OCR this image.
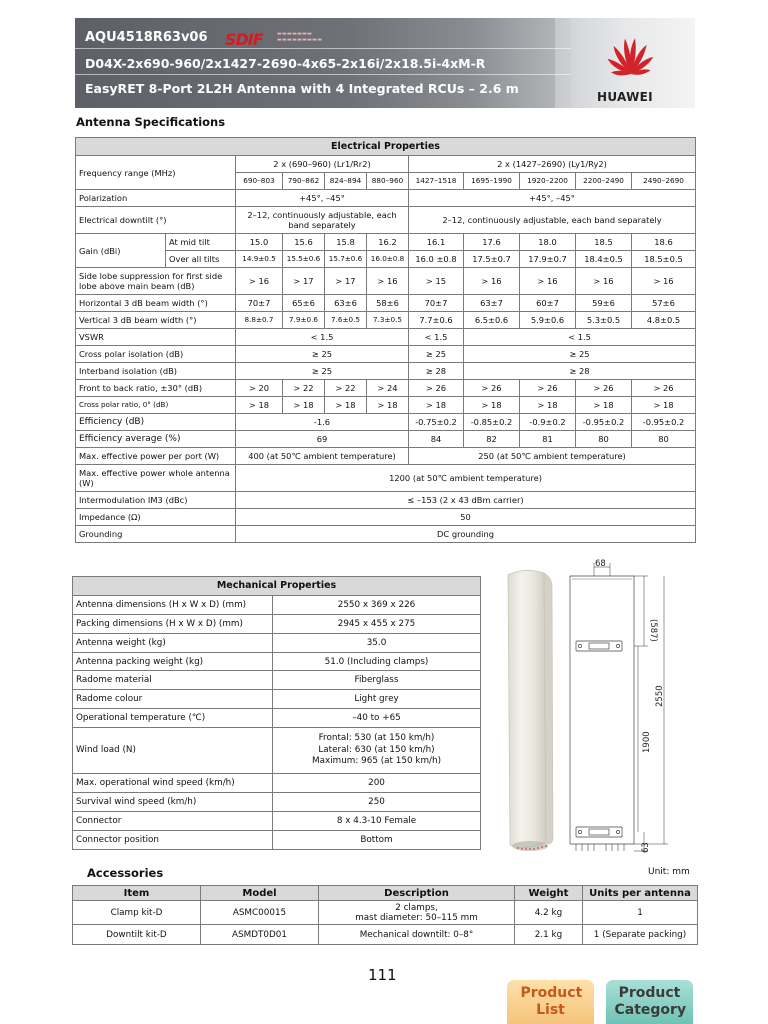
AQU4518R63v06 SDIF	▬▬▬▬▬▬▬
▬▬▬▬▬▬▬▬▬
D04X-2x690-960/2x1427-2690-4x65-2x16i/2x18.5i-4xM-R
EasyRET 8-Port 2L2H Antenna with 4 Integrated RCUs – 2.6 m
HUAWEI
Antenna Specifications
Electrical Properties										
Frequency range (MHz)		2 x (690–960) (Lr1/Rr2)				2 x (1427–2690) (Ly1/Ry2)				
		690–803	790–862	824–894	880–960	1427–1518	1695–1990	1920–2200	2200–2490	2490–2690
Polarization		+45°, –45°				+45°, –45°				
Electrical downtilt (°)		2–12, continuously adjustable, each band separately				2–12, continuously adjustable, each band separately				
Gain (dBi)	At mid tilt	15.0	15.6	15.8	16.2	16.1	17.6	18.0	18.5	18.6
	Over all tilts	14.9±0.5	15.5±0.6	15.7±0.6	16.0±0.8	16.0 ±0.8	17.5±0.7	17.9±0.7	18.4±0.5	18.5±0.5
Side lobe suppression for first side lobe above main beam (dB)		> 16	> 17	> 17	> 16	> 15	> 16	> 16	> 16	> 16
Horizontal 3 dB beam width (°)		70±7	65±6	63±6	58±6	70±7	63±7	60±7	59±6	57±6
Vertical 3 dB beam width (°)		8.8±0.7	7.9±0.6	7.6±0.5	7.3±0.5	7.7±0.6	6.5±0.6	5.9±0.6	5.3±0.5	4.8±0.5
VSWR		< 1.5				< 1.5	< 1.5			
Cross polar isolation (dB)		≥ 25				≥ 25	≥ 25			
Interband isolation (dB)		≥ 25				≥ 28	≥ 28			
Front to back ratio, ±30° (dB)		> 20	> 22	> 22	> 24	> 26	> 26	> 26	> 26	> 26
Cross polar ratio, 0° (dB)		> 18	> 18	> 18	> 18	> 18	> 18	> 18	> 18	> 18
Efficiency (dB)		-1.6				-0.75±0.2	-0.85±0.2	-0.9±0.2	-0.95±0.2	-0.95±0.2
Efficiency average (%)		69				84	82	81	80	80
Max. effective power per port (W)		400 (at 50℃ ambient temperature)				250 (at 50℃ ambient temperature)				
Max. effective power whole antenna (W)		1200 (at 50℃ ambient temperature)								
Intermodulation IM3 (dBc)		≤ –153 (2 x 43 dBm carrier)								
Impedance (Ω)		50								
Grounding		DC grounding								
Mechanical Properties	
Antenna dimensions (H x W x D) (mm)	2550 x 369 x 226
Packing dimensions (H x W x D) (mm)	2945 x 455 x 275
Antenna weight (kg)	35.0
Antenna packing weight (kg)	51.0 (Including clamps)
Radome material	Fiberglass
Radome colour	Light grey
Operational temperature (℃)	–40 to +65
Wind load (N)	Frontal: 530 (at 150 km/h)
Lateral: 630 (at 150 km/h)
Maximum: 965 (at 150 km/h)

Max. operational wind speed (km/h)	200
Survival wind speed (km/h)	250
Connector	8 x 4.3-10 Female
Connector position	Bottom
68
(587)
2550
1900
63
Accessories	Unit: mm
Item	Model	Description	Weight	Units per antenna
Clamp kit-D	ASMC00015	2 clamps,
mast diameter: 50–115 mm	4.2 kg	1
Downtilt kit-D	ASMDT0D01	Mechanical downtilt: 0–8°	2.1 kg	1 (Separate packing)
111
Product List
Product Category
